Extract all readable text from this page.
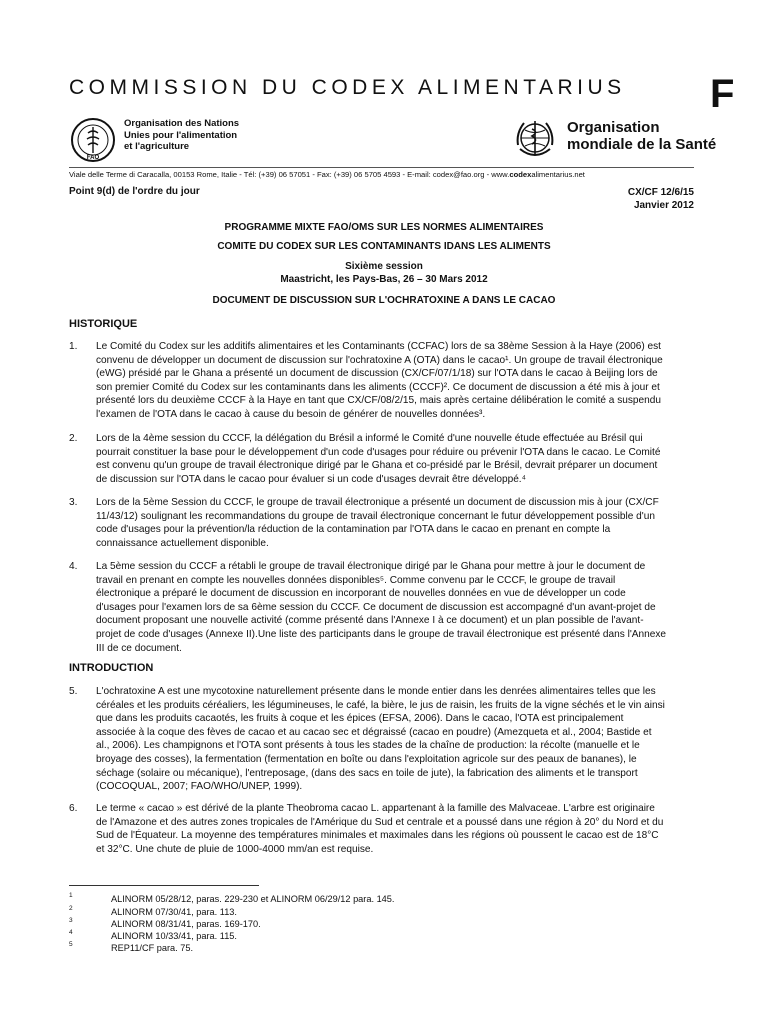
COMMISSION DU CODEX ALIMENTARIUS F
FAO
Organisation des Nations
Unies pour l'alimentation
et l'agriculture
Organisation
mondiale de la Santé
Viale delle Terme di Caracalla, 00153 Rome, Italie - Tél: (+39) 06 57051 - Fax: (+39) 06 5705 4593 - E-mail: codex@fao.org - www.codexalimentarius.net
Point 9(d) de l'ordre du jour	CX/CF 12/6/15
Janvier 2012
PROGRAMME MIXTE FAO/OMS SUR LES NORMES ALIMENTAIRES
COMITE DU CODEX SUR LES CONTAMINANTS IDANS LES ALIMENTS
Sixième session
Maastricht, les Pays-Bas, 26 – 30 Mars 2012
DOCUMENT DE DISCUSSION SUR L'OCHRATOXINE A DANS LE CACAO
HISTORIQUE
1. Le Comité du Codex sur les additifs alimentaires et les Contaminants (CCFAC) lors de sa 38ème Session à la Haye (2006) est
convenu de développer un document de discussion sur l'ochratoxine A (OTA) dans le cacao¹. Un groupe de travail électronique
(eWG) présidé par le Ghana a présenté un document de discussion (CX/CF/07/1/18) sur l'OTA dans le cacao à Beijing lors de
son premier Comité du Codex sur les contaminants dans les aliments (CCCF)². Ce document de discussion a été mis à jour et
présenté lors du deuxième CCCF à la Haye en tant que CX/CF/08/2/15, mais après certaine délibération le comité a suspendu
l'examen de l'OTA dans le cacao à cause du besoin de générer de nouvelles données³.
2. Lors de la 4ème session du CCCF, la délégation du Brésil a informé le Comité d'une nouvelle étude effectuée au Brésil qui
pourrait constituer la base pour le développement d'un code d'usages pour réduire ou prévenir l'OTA dans le cacao. Le Comité
est convenu qu'un groupe de travail électronique dirigé par le Ghana et co-présidé par le Brésil, devrait préparer un document
de discussion sur l'OTA dans le cacao pour évaluer si un code d'usages devrait être développé.⁴
3. Lors de la 5ème Session du CCCF, le groupe de travail électronique a présenté un document de discussion mis à jour (CX/CF
11/43/12) soulignant les recommandations du groupe de travail électronique concernant le futur développement possible d'un
code d'usages pour la prévention/la réduction de la contamination par l'OTA dans le cacao en prenant en compte la
connaissance actuellement disponible.
4. La 5ème session du CCCF a rétabli le groupe de travail électronique dirigé par le Ghana pour mettre à jour le document de
travail en prenant en compte les nouvelles données disponibles⁵. Comme convenu par le CCCF, le groupe de travail
électronique a préparé le document de discussion en incorporant de nouvelles données en vue de développer un code
d'usages pour l'examen lors de sa 6ème session du CCCF. Ce document de discussion est accompagné d'un avant-projet de
document proposant une nouvelle activité (comme présenté dans l'Annexe I à ce document) et un plan possible de l'avant-
projet de code d'usages (Annexe II).Une liste des participants dans le groupe de travail électronique est présenté dans l'Annexe
III de ce document.
INTRODUCTION
5. L'ochratoxine A est une mycotoxine naturellement présente dans le monde entier dans les denrées alimentaires telles que les
céréales et les produits céréaliers, les légumineuses, le café, la bière, le jus de raisin, les fruits de la vigne séchés et le vin ainsi
que dans les produits cacaotés, les fruits à coque et les épices (EFSA, 2006). Dans le cacao, l'OTA est principalement
associée à la coque des fèves de cacao et au cacao sec et dégraissé (cacao en poudre) (Amezqueta et al., 2004; Bastide et
al., 2006). Les champignons et l'OTA sont présents à tous les stades de la chaîne de production: la récolte (manuelle et le
broyage des cosses), la fermentation (fermentation en boîte ou dans l'exploitation agricole sur des peaux de bananes), le
séchage (solaire ou mécanique), l'entreposage, (dans des sacs en toile de jute), la fabrication des aliments et le transport
(COCOQUAL, 2007; FAO/WHO/UNEP, 1999).
6. Le terme « cacao » est dérivé de la plante Theobroma cacao L. appartenant à la famille des Malvaceae. L'arbre est originaire
de l'Amazone et des autres zones tropicales de l'Amérique du Sud et centrale et a poussé dans une région à 20° du Nord et du
Sud de l'Équateur. La moyenne des températures minimales et maximales dans les régions où poussent le cacao est de 18°C
et 32°C. Une chute de pluie de 1000-4000 mm/an est requise.
1	ALINORM 05/28/12, paras. 229-230 et ALINORM 06/29/12 para. 145.
2	ALINORM 07/30/41, para. 113.
3	ALINORM 08/31/41, paras. 169-170.
4	ALINORM 10/33/41, para. 115.
5	REP11/CF para. 75.
